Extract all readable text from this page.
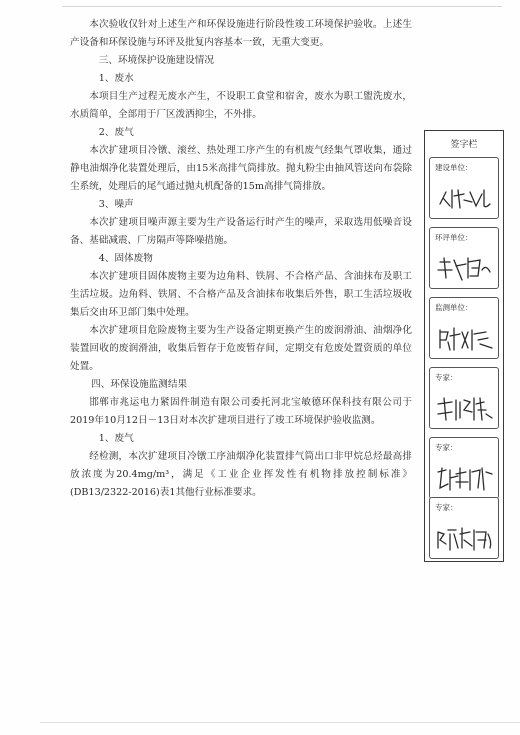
本次验收仅针对上述生产和环保设施进行阶段性竣工环境保护验收。上述生产设备和环保设施与环评及批复内容基本一致，无重大变更。

三、环境保护设施建设情况

1、废水

本项目生产过程无废水产生，不设职工食堂和宿舍，废水为职工盥洗废水，水质简单，全部用于厂区泼洒抑尘，不外排。

2、废气

本次扩建项目冷镦、滚丝、热处理工序产生的有机废气经集气罩收集，通过静电油烟净化装置处理后，由15米高排气筒排放。抛丸粉尘由抽风管送向布袋除尘系统，处理后的尾气通过抛丸机配备的15m高排气筒排放。

3、噪声

本次扩建项目噪声源主要为生产设备运行时产生的噪声，采取选用低噪音设备、基础减震、厂房隔声等降噪措施。

4、固体废物

本次扩建项目固体废物主要为边角料、铁屑、不合格产品、含油抹布及职工生活垃圾。边角料、铁屑、不合格产品及含油抹布收集后外售，职工生活垃圾收集后交由环卫部门集中处理。

本次扩建项目危险废物主要为生产设备定期更换产生的废润滑油、油烟净化装置回收的废润滑油，收集后暂存于危废暂存间，定期交有危废处置资质的单位处置。

四、环保设施监测结果

邯郸市兆运电力紧固件制造有限公司委托河北宝敏德环保科技有限公司于2019年10月12日－13日对本次扩建项目进行了竣工环境保护验收监测。

1、废气

经检测，本次扩建项目冷镦工序油烟净化装置排气筒出口非甲烷总烃最高排放浓度为20.4mg/m³，满足《工业企业挥发性有机物排放控制标准》(DB13/2322-2016)表1其他行业标准要求。

签字栏
建设单位：
环评单位：
监测单位：
专家：
专家：
专家：
